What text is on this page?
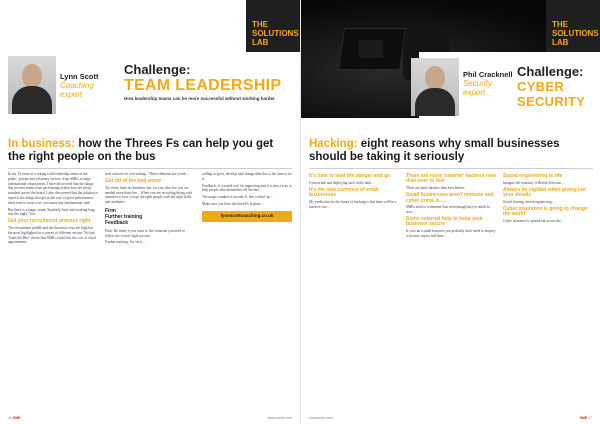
THE
SOLUTIONS
LAB
Lynn Scott
Coaching
expert
Challenge:
TEAM LEADERSHIP
How leadership teams can be more successful without working harder
In business: how the Threes Fs can help you get the right people on the bus

In my 15 years of working with leadership teams in the public, private and voluntary sectors, from SMEs to large international corporations, I have discovered that the things that prevent teams from performing at their best are pretty standard across the board. I also discovered that the solution is equal to the things that get in the way of good performance; these tend to recur over, you name any fundamental shift.

But there is a magic wand. Similarly, luck and working long into the night. You...

Get your recruitment process right

The recruitment pitfalls and the financial costs are high but the most highlighted in a survey of different sectors. No bad 'Jones the Hire' shows that SMEs could lose the cost of a bad appointment...

staff turnover in a recruiting... Three elements are worth ...

Get rid of the bad wood

Try every litter the business one: for you, that few you are needed more than five... When you are recruiting hiring with attention to how you go the right people with the right skills and attributes...

Firm
Further training
Feedback

Firm: Be ready if you want to fire someone you need to follow the correct legal process.

Further training: Act on it...

willing to grow, develop and change then this is the time to do it.

Feedback: is a useful tool for improving and it is also a way to help people take themselves off the bus...

The magic number is around 21 feet a whirl up ...

Make sure you have the three Fs in place ...

lynnscottcoaching.co.uk
46 SME	smeinsider.com
THE
SOLUTIONS
LAB
Phil Cracknell
Security
expert
Challenge:
CYBER SECURITY
Hacking: eight reasons why small businesses should be taking it seriously
It's time to beat the danger and go

Cybercrime and deploying such in the dark...

It's the new currency of small businesses

My prediction for the future of hacking is that there will be a massive rise...

There are more 'smarter' hackers now than ever to fear

There are more hackers than ever before...

Small businesses aren't immune and cyber crime is ...

SMEs need to remember that even though they're small in size...

Some external help to keep your business secure

It you run a small business you probably don't need to employ a security expert full-time...

Social engineering is rife

Imagine the scenario: A British Telecom ...

Always be vigilant when giving out your details

Social sharing, social engineering...

Cyber insurance is going to change the world

Cyber insurance is spread out across the ...

smeinsider.com	SME 47
